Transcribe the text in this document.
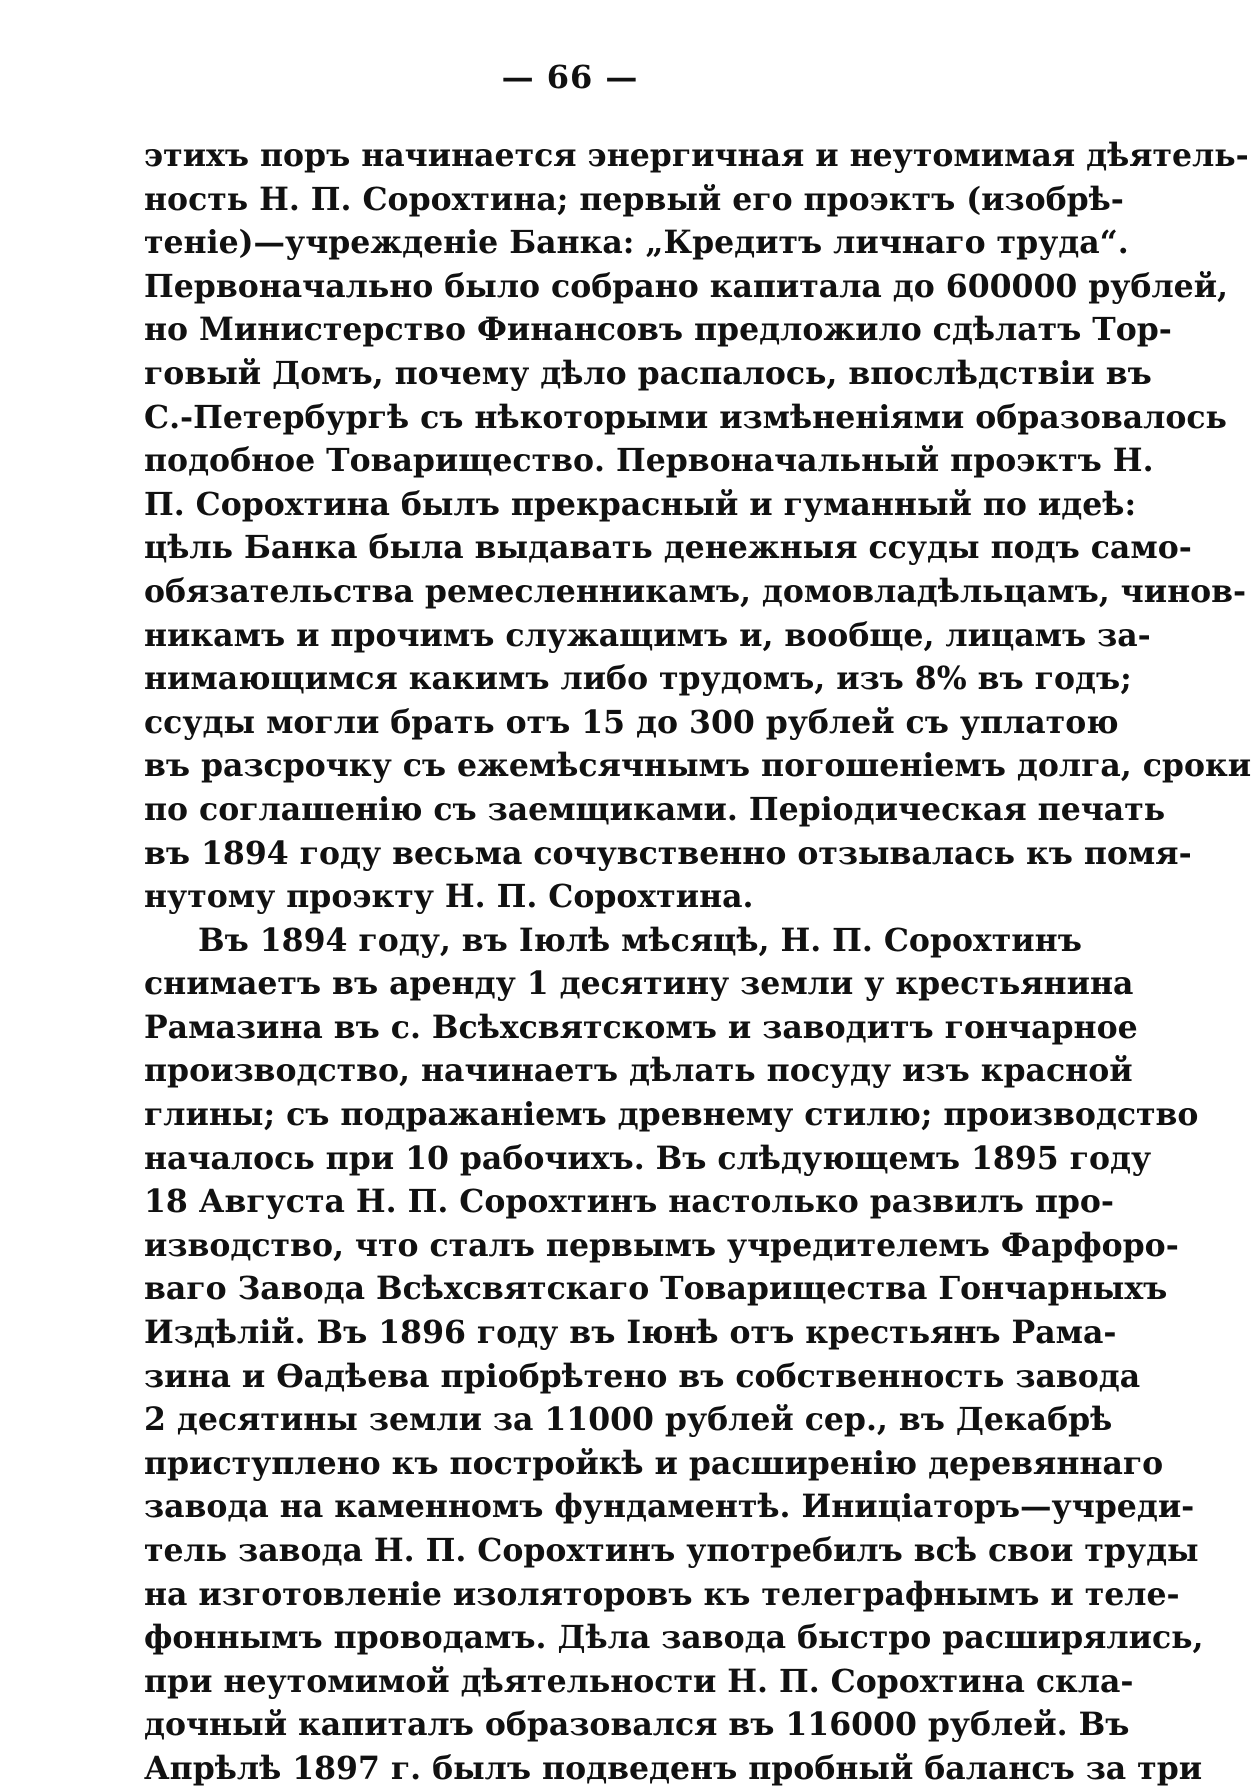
— 66 —
этихъ поръ начинается энергичная и неутомимая дѣятель-
ность Н. П. Сорохтина; первый его проэктъ (изобрѣ-
теніе)—учрежденіе Банка: „Кредитъ личнаго труда“.
Первоначально было собрано капитала до 600000 рублей,
но Министерство Финансовъ предложило сдѣлатъ Тор-
говый Домъ, почему дѣло распалось, впослѣдствіи въ
С.-Петербургѣ съ нѣкоторыми измѣненіями образовалось
подобное Товарищество. Первоначальный проэктъ Н.
П. Сорохтина былъ прекрасный и гуманный по идеѣ:
цѣль Банка была выдавать денежныя ссуды подъ само-
обязательства ремесленникамъ, домовладѣльцамъ, чинов-
никамъ и прочимъ служащимъ и, вообще, лицамъ за-
нимающимся какимъ либо трудомъ, изъ 8% въ годъ;
ссуды могли брать отъ 15 до 300 рублей съ уплатою
въ разсрочку съ ежемѣсячнымъ погошеніемъ долга, сроки
по соглашенію съ заемщиками. Періодическая печать
въ 1894 году весьма сочувственно отзывалась къ помя-
нутому проэкту Н. П. Сорохтина.
Въ 1894 году, въ Іюлѣ мѣсяцѣ, Н. П. Сорохтинъ
снимаетъ въ аренду 1 десятину земли у крестьянина
Рамазина въ с. Всѣхсвятскомъ и заводитъ гончарное
производство, начинаетъ дѣлать посуду изъ красной
глины; съ подражаніемъ древнему стилю; производство
началось при 10 рабочихъ. Въ слѣдующемъ 1895 году
18 Августа Н. П. Сорохтинъ настолько развилъ про-
изводство, что сталъ первымъ учредителемъ Фарфоро-
ваго Завода Всѣхсвятскаго Товарищества Гончарныхъ
Издѣлій. Въ 1896 году въ Іюнѣ отъ крестьянъ Рама-
зина и Ѳадѣева пріобрѣтено въ собственность завода
2 десятины земли за 11000 рублей сер., въ Декабрѣ
приступлено къ постройкѣ и расширенію деревяннаго
завода на каменномъ фундаментѣ. Иниціаторъ—учреди-
тель завода Н. П. Сорохтинъ употребилъ всѣ свои труды
на изготовленіе изоляторовъ къ телеграфнымъ и теле-
фоннымъ проводамъ. Дѣла завода быстро расширялись,
при неутомимой дѣятельности Н. П. Сорохтина скла-
дочный капиталъ образовался въ 116000 рублей. Въ
Апрѣлѣ 1897 г. былъ подведенъ пробный балансъ за три
